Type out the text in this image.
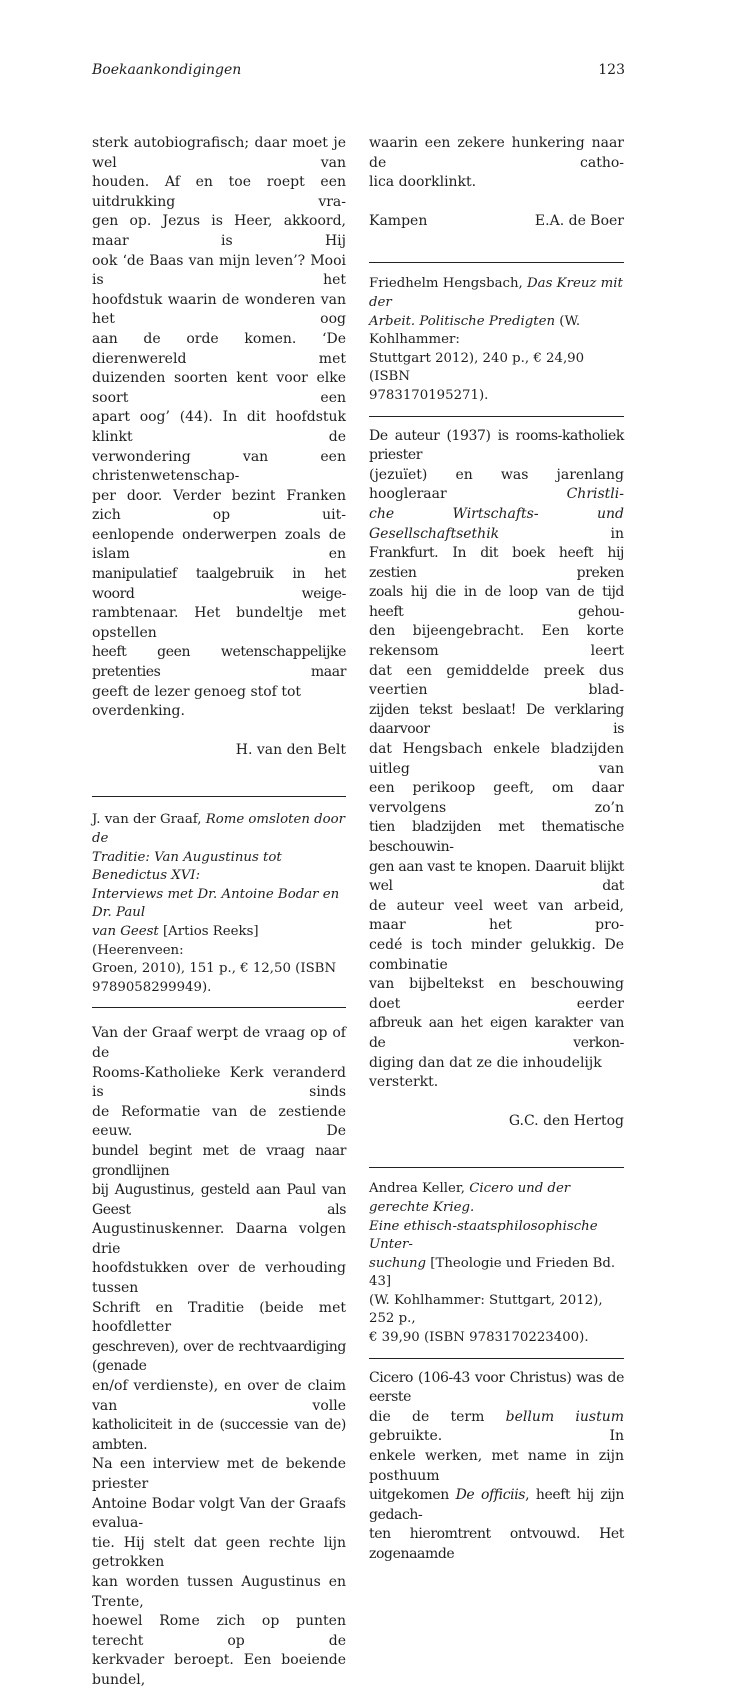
Boekaankondigingen	123

sterk autobiografisch; daar moet je wel van

houden. Af en toe roept een uitdrukking vra-

gen op. Jezus is Heer, akkoord, maar is Hij

ook ‘de Baas van mijn leven’? Mooi is het

hoofdstuk waarin de wonderen van het oog

aan de orde komen. ‘De dierenwereld met

duizenden soorten kent voor elke soort een

apart oog’ (44). In dit hoofdstuk klinkt de

verwondering van een christenwetenschap-

per door. Verder bezint Franken zich op uit-

eenlopende onderwerpen zoals de islam en

manipulatief taalgebruik in het woord weige-

rambtenaar. Het bundeltje met opstellen

heeft geen wetenschappelijke pretenties maar

geeft de lezer genoeg stof tot overdenking.

H. van den Belt

J. van der Graaf, Rome omsloten door de

Traditie: Van Augustinus tot Benedictus XVI:

Interviews met Dr. Antoine Bodar en Dr. Paul

van Geest [Artios Reeks] (Heerenveen:

Groen, 2010), 151 p., € 12,50 (ISBN

9789058299949).

Van der Graaf werpt de vraag op of de

Rooms-Katholieke Kerk veranderd is sinds

de Reformatie van de zestiende eeuw. De

bundel begint met de vraag naar grondlijnen

bij Augustinus, gesteld aan Paul van Geest als

Augustinuskenner. Daarna volgen drie

hoofdstukken over de verhouding tussen

Schrift en Traditie (beide met hoofdletter

geschreven), over de rechtvaardiging (genade

en/of verdienste), en over de claim van volle

katholiciteit in de (successie van de) ambten.

Na een interview met de bekende priester

Antoine Bodar volgt Van der Graafs evalua-

tie. Hij stelt dat geen rechte lijn getrokken

kan worden tussen Augustinus en Trente,

hoewel Rome zich op punten terecht op de

kerkvader beroept. Een boeiende bundel,

waarin een zekere hunkering naar de catho-

lica doorklinkt.

Kampen	E.A. de Boer

Friedhelm Hengsbach, Das Kreuz mit der

Arbeit. Politische Predigten (W. Kohlhammer:

Stuttgart 2012), 240 p., € 24,90 (ISBN

9783170195271).

De auteur (1937) is rooms-katholiek priester

(jezuïet) en was jarenlang hoogleraar Christli-

che Wirtschafts- und Gesellschaftsethik in

Frankfurt. In dit boek heeft hij zestien preken

zoals hij die in de loop van de tijd heeft gehou-

den bijeengebracht. Een korte rekensom leert

dat een gemiddelde preek dus veertien blad-

zijden tekst beslaat! De verklaring daarvoor is

dat Hengsbach enkele bladzijden uitleg van

een perikoop geeft, om daar vervolgens zo’n

tien bladzijden met thematische beschouwin-

gen aan vast te knopen. Daaruit blijkt wel dat

de auteur veel weet van arbeid, maar het pro-

cedé is toch minder gelukkig. De combinatie

van bijbeltekst en beschouwing doet eerder

afbreuk aan het eigen karakter van de verkon-

diging dan dat ze die inhoudelijk versterkt.

G.C. den Hertog

Andrea Keller, Cicero und der gerechte Krieg.

Eine ethisch-staatsphilosophische Unter-

suchung [Theologie und Frieden Bd. 43]

(W. Kohlhammer: Stuttgart, 2012), 252 p.,

€ 39,90 (ISBN 9783170223400).

Cicero (106-43 voor Christus) was de eerste

die de term bellum iustum gebruikte. In

enkele werken, met name in zijn posthuum

uitgekomen De officiis, heeft hij zijn gedach-

ten hieromtrent ontvouwd. Het zogenaamde
